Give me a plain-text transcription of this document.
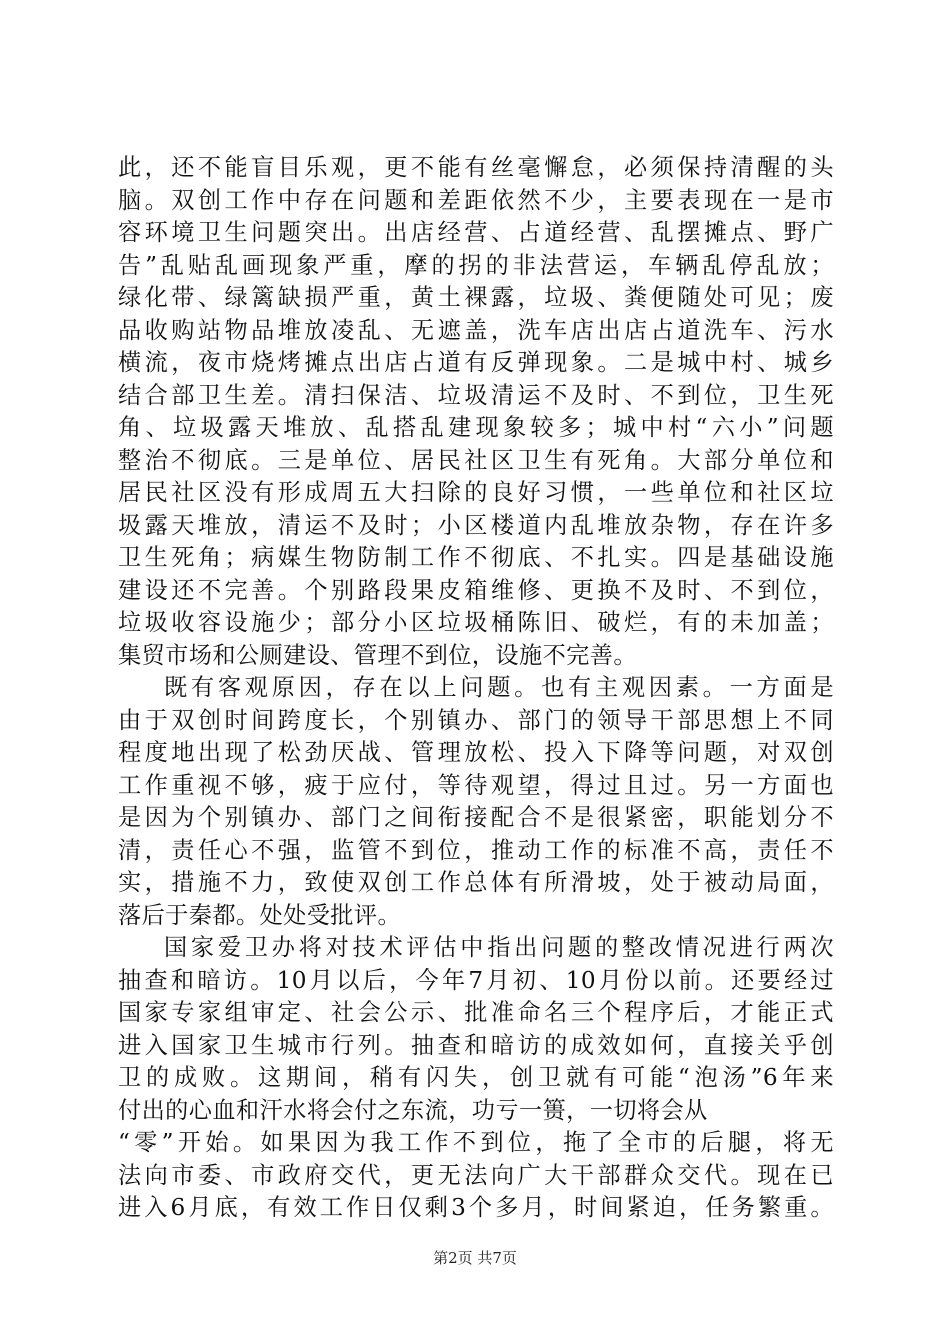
此，还不能盲目乐观，更不能有丝毫懈怠，必须保持清醒的头
脑。双创工作中存在问题和差距依然不少，主要表现在一是市
容环境卫生问题突出。出店经营、占道经营、乱摆摊点、野广
告”乱贴乱画现象严重，摩的拐的非法营运，车辆乱停乱放；
绿化带、绿篱缺损严重，黄土裸露，垃圾、粪便随处可见；废
品收购站物品堆放凌乱、无遮盖，洗车店出店占道洗车、污水
横流，夜市烧烤摊点出店占道有反弹现象。二是城中村、城乡
结合部卫生差。清扫保洁、垃圾清运不及时、不到位，卫生死
角、垃圾露天堆放、乱搭乱建现象较多；城中村“六小”问题
整治不彻底。三是单位、居民社区卫生有死角。大部分单位和
居民社区没有形成周五大扫除的良好习惯，一些单位和社区垃
圾露天堆放，清运不及时；小区楼道内乱堆放杂物，存在许多
卫生死角；病媒生物防制工作不彻底、不扎实。四是基础设施
建设还不完善。个别路段果皮箱维修、更换不及时、不到位，
垃圾收容设施少；部分小区垃圾桶陈旧、破烂，有的未加盖；
集贸市场和公厕建设、管理不到位，设施不完善。
既有客观原因，存在以上问题。也有主观因素。一方面是
由于双创时间跨度长，个别镇办、部门的领导干部思想上不同
程度地出现了松劲厌战、管理放松、投入下降等问题，对双创
工作重视不够，疲于应付，等待观望，得过且过。另一方面也
是因为个别镇办、部门之间衔接配合不是很紧密，职能划分不
清，责任心不强，监管不到位，推动工作的标准不高，责任不
实，措施不力，致使双创工作总体有所滑坡，处于被动局面，
落后于秦都。处处受批评。
国家爱卫办将对技术评估中指出问题的整改情况进行两次
抽查和暗访。10月以后，今年7月初、10月份以前。还要经过
国家专家组审定、社会公示、批准命名三个程序后，才能正式
进入国家卫生城市行列。抽查和暗访的成效如何，直接关乎创
卫的成败。这期间，稍有闪失，创卫就有可能“泡汤”6年来
付出的心血和汗水将会付之东流，功亏一篑，一切将会从
“零”开始。如果因为我工作不到位，拖了全市的后腿，将无
法向市委、市政府交代，更无法向广大干部群众交代。现在已
进入6月底，有效工作日仅剩3个多月，时间紧迫，任务繁重。
第2页 共7页
